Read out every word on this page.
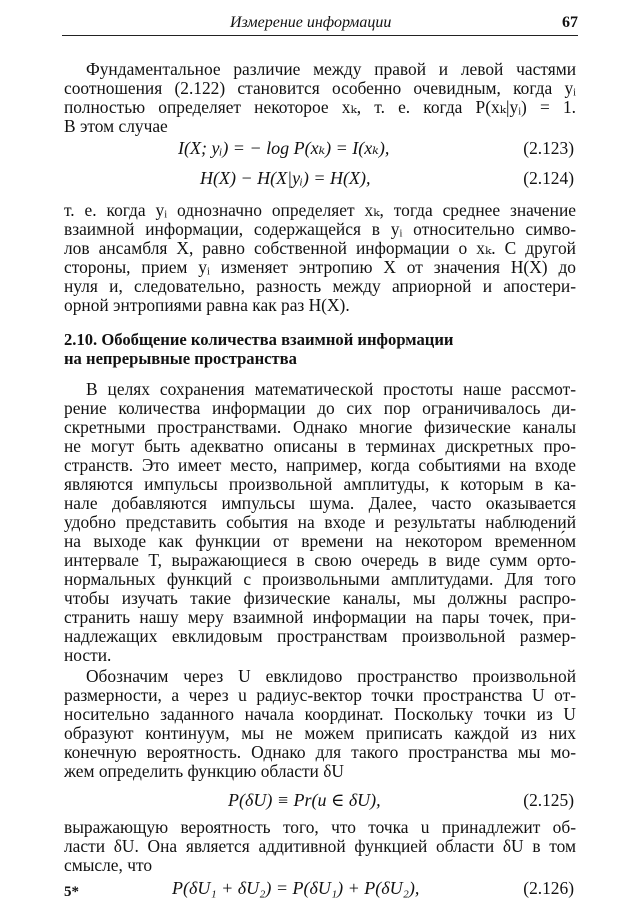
Измерение информации	67
Фундаментальное различие между правой и левой частями
соотношения (2.122) становится особенно очевидным, когда yᵢ
полностью определяет некоторое xₖ, т. е. когда P(xₖ|yᵢ) = 1.
В этом случае
I(X; yᵢ) = − log P(xₖ) = I(xₖ),	(2.123)
H(X) − H(X|yᵢ) = H(X),	(2.124)
т. е. когда yᵢ однозначно определяет xₖ, тогда среднее значение
взаимной информации, содержащейся в yᵢ относительно симво-
лов ансамбля X, равно собственной информации о xₖ. С другой
стороны, прием yᵢ изменяет энтропию X от значения H(X) до
нуля и, следовательно, разность между априорной и апостери-
орной энтропиями равна как раз H(X).
2.10. Обобщение количества взаимной информации
на непрерывные пространства
В целях сохранения математической простоты наше рассмот-
рение количества информации до сих пор ограничивалось ди-
скретными пространствами. Однако многие физические каналы
не могут быть адекватно описаны в терминах дискретных про-
странств. Это имеет место, например, когда событиями на входе
являются импульсы произвольной амплитуды, к которым в ка-
нале добавляются импульсы шума. Далее, часто оказывается
удобно представить события на входе и результаты наблюдений
на выходе как функции от времени на некотором временно́м
интервале T, выражающиеся в свою очередь в виде сумм орто-
нормальных функций с произвольными амплитудами. Для того
чтобы изучать такие физические каналы, мы должны распро-
странить нашу меру взаимной информации на пары точек, при-
надлежащих евклидовым пространствам произвольной размер-
ности.
Обозначим через U евклидово пространство произвольной
размерности, а через u радиус-вектор точки пространства U от-
носительно заданного начала координат. Поскольку точки из U
образуют континуум, мы не можем приписать каждой из них
конечную вероятность. Однако для такого пространства мы мо-
жем определить функцию области δU
P(δU) ≡ Pr(u ∈ δU),	(2.125)
выражающую вероятность того, что точка u принадлежит об-
ласти δU. Она является аддитивной функцией области δU в том
смысле, что
P(δU₁ + δU₂) = P(δU₁) + P(δU₂),	(2.126)
5*
